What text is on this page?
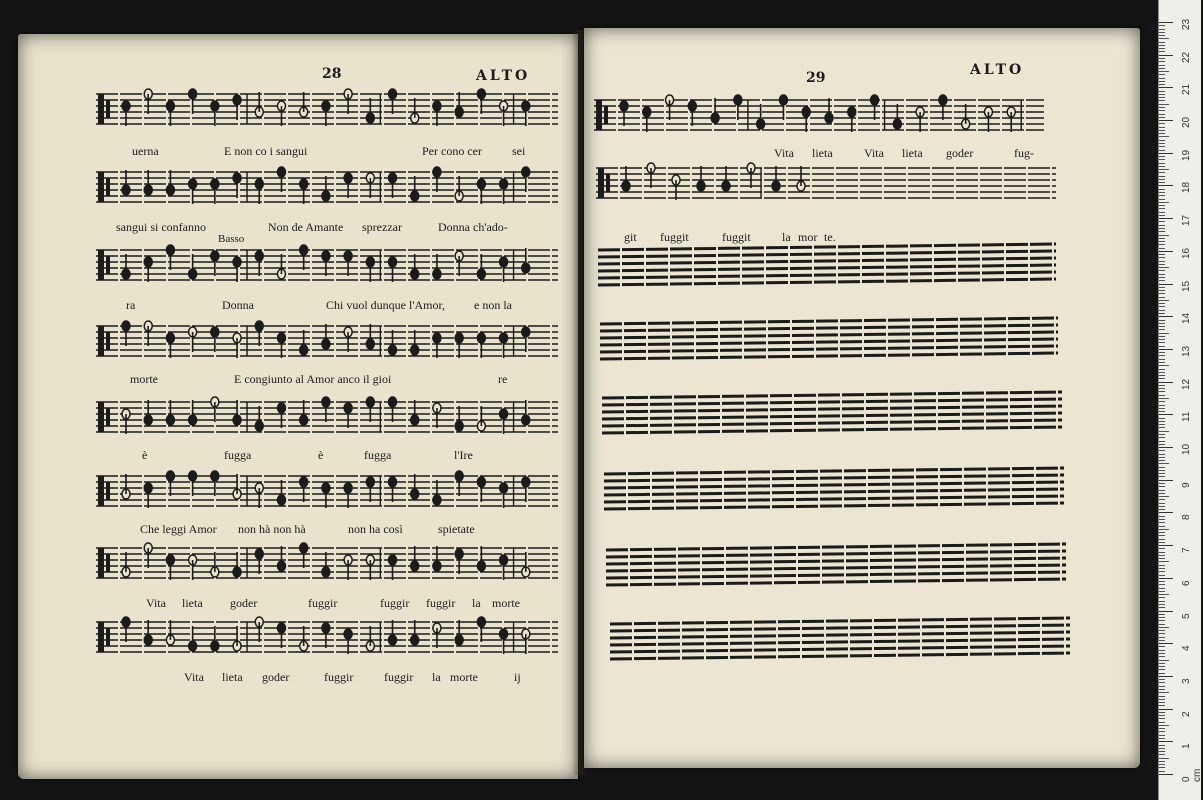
28	ALTO	29	ALTO
uerna	E non co i sangui	Per cono cer	sei
sangui si confanno	Non de Amante sprezzar	Donna ch'ado-
Basso
ra	Donna	Chi vuol dunque l'Amor, e non la
morte	E congiunto al Amor anco il gioi	re
è	fugga	è	fugga	l'Ire
Che leggi Amor non hà non hà	non ha così	spietate
Vita lieta goder	fuggir	fuggir fuggir la morte
Vita lieta goder	fuggir	fuggir la morte	ij
Vita lieta	Vita lieta goder	fug-
git fuggit	fuggit	la mor te.
23
22
21
20
19
18
17
16
15
14
13
12
11
10
9
8
7
6
5
4
3
2
1
0 cm
